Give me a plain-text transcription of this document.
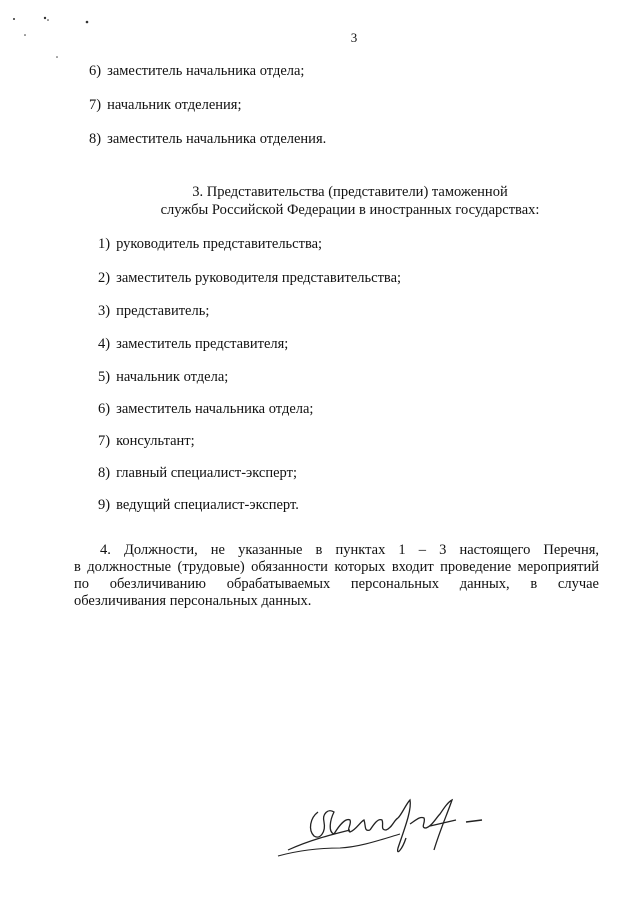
3
6) заместитель начальника отдела;
7) начальник отделения;
8) заместитель начальника отделения.
3. Представительства (представители) таможенной
службы Российской Федерации в иностранных государствах:
1) руководитель представительства;
2) заместитель руководителя представительства;
3) представитель;
4) заместитель представителя;
5) начальник отдела;
6) заместитель начальника отдела;
7) консультант;
8) главный специалист-эксперт;
9) ведущий специалист-эксперт.
4. Должности, не указанные в пунктах 1 – 3 настоящего Перечня,
в должностные (трудовые) обязанности которых входит проведение мероприятий
по обезличиванию обрабатываемых персональных данных, в случае
обезличивания персональных данных.
